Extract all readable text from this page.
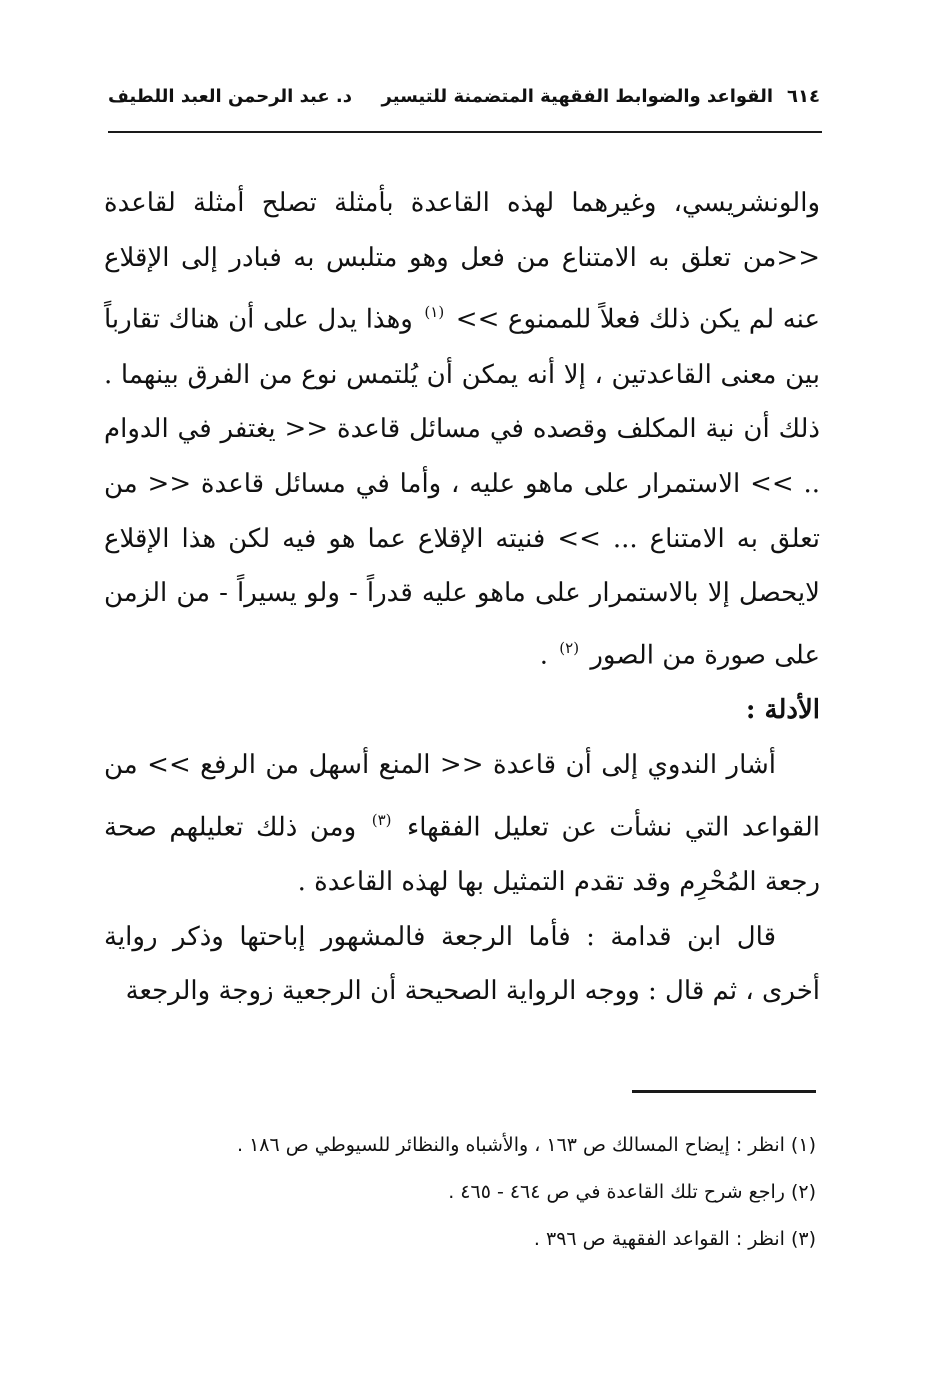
٦١٤القواعد والضوابط الفقهية المتضمنة للتيسير
د. عبد الرحمن العبد اللطيف

والونشريسي، وغيرهما لهذه القاعدة بأمثلة تصلح أمثلة لقاعدة <<من تعلق به الامتناع من فعل وهو متلبس به فبادر إلى الإقلاع عنه لم يكن ذلك فعلاً للممنوع >> $^{(١)}$ وهذا يدل على أن هناك تقارباً بين معنى القاعدتين ، إلا أنه يمكن أن يُلتمس نوع من الفرق بينهما . ذلك أن نية المكلف وقصده في مسائل قاعدة << يغتفر في الدوام .. >> الاستمرار على ماهو عليه ، وأما في مسائل قاعدة << من تعلق به الامتناع ... >> فنيته الإقلاع عما هو فيه لكن هذا الإقلاع لايحصل إلا بالاستمرار على ماهو عليه قدراً - ولو يسيراً - من الزمن على صورة من الصور $^{(٢)}$ .

الأدلة :

أشار الندوي إلى أن قاعدة << المنع أسهل من الرفع >> من القواعد التي نشأت عن تعليل الفقهاء $^{(٣)}$ ومن ذلك تعليلهم صحة رجعة المُحْرِم وقد تقدم التمثيل بها لهذه القاعدة .

قال ابن قدامة : فأما الرجعة فالمشهور إباحتها وذكر رواية أخرى ، ثم قال : ووجه الرواية الصحيحة أن الرجعية زوجة والرجعة

(١) انظر : إيضاح المسالك ص ١٦٣ ، والأشباه والنظائر للسيوطي ص ١٨٦ .

(٢) راجع شرح تلك القاعدة في ص ٤٦٤ - ٤٦٥ .

(٣) انظر : القواعد الفقهية ص ٣٩٦ .
